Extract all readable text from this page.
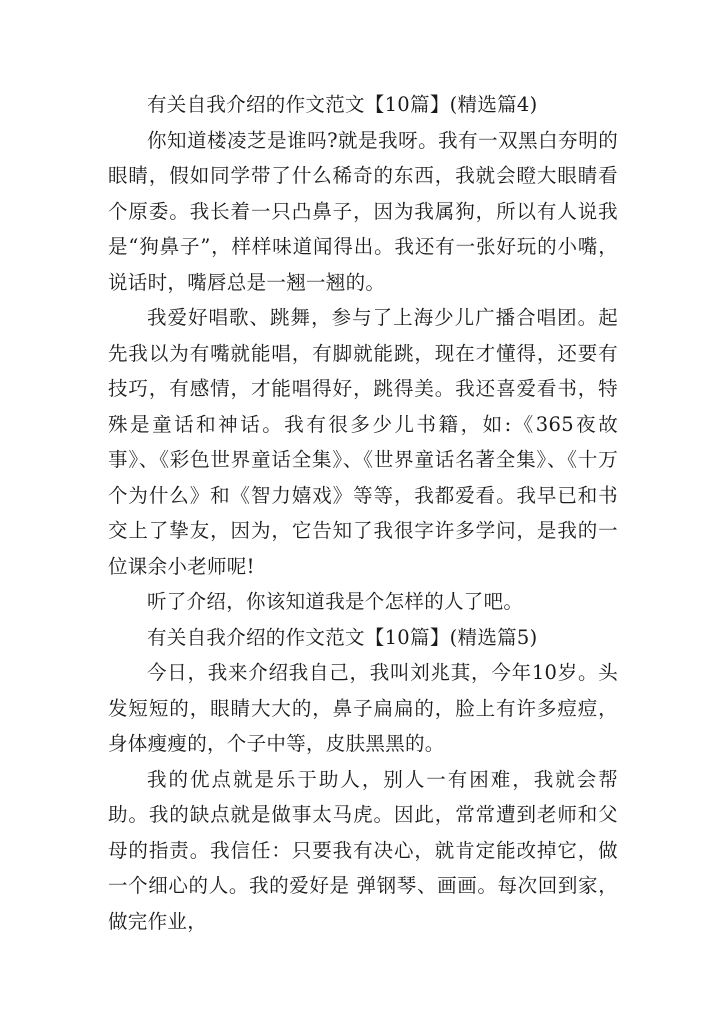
有关自我介绍的作文范文【10篇】(精选篇4)

你知道楼凌芝是谁吗?就是我呀。我有一双黑白夯明的眼睛，假如同学带了什么稀奇的东西，我就会瞪大眼睛看个原委。我长着一只凸鼻子，因为我属狗，所以有人说我是“狗鼻子”，样样味道闻得出。我还有一张好玩的小嘴，说话时，嘴唇总是一翘一翘的。

我爱好唱歌、跳舞，参与了上海少儿广播合唱团。起先我以为有嘴就能唱，有脚就能跳，现在才懂得，还要有技巧，有感情，才能唱得好，跳得美。我还喜爱看书，特殊是童话和神话。我有很多少儿书籍，如:《365夜故事》、《彩色世界童话全集》、《世界童话名著全集》、《十万个为什么》和《智力嬉戏》等等，我都爱看。我早已和书交上了挚友，因为，它告知了我很字许多学问，是我的一位课余小老师呢!

听了介绍，你该知道我是个怎样的人了吧。

有关自我介绍的作文范文【10篇】(精选篇5)

今日，我来介绍我自己，我叫刘兆萁，今年10岁。头发短短的，眼睛大大的，鼻子扁扁的，脸上有许多痘痘，身体瘦瘦的，个子中等，皮肤黑黑的。

我的优点就是乐于助人，别人一有困难，我就会帮助。我的缺点就是做事太马虎。因此，常常遭到老师和父母的指责。我信任：只要我有决心，就肯定能改掉它，做一个细心的人。我的爱好是 弹钢琴、画画。每次回到家，做完作业，
